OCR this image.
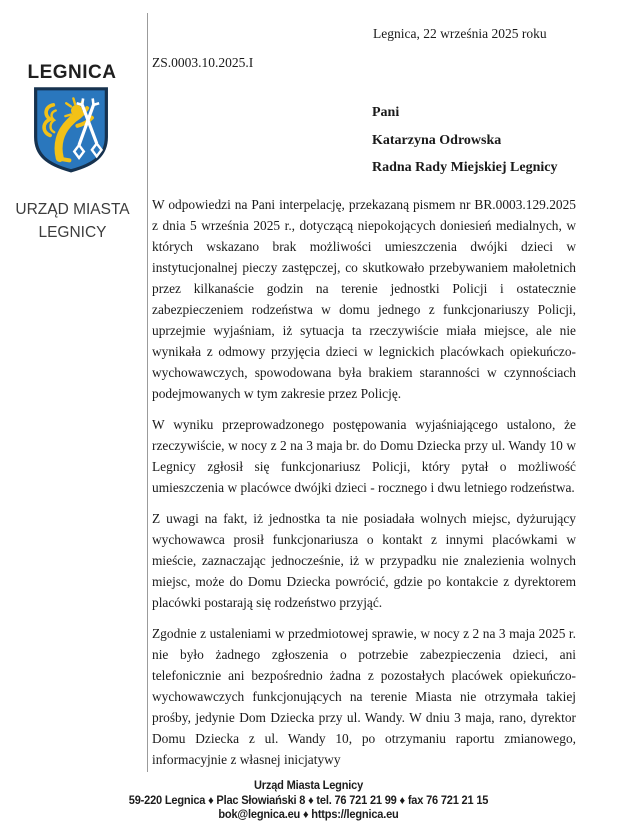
LEGNICA
URZĄD MIASTA
LEGNICY
Legnica, 22 września 2025 roku
ZS.0003.10.2025.I
Pani
Katarzyna Odrowska
Radna Rady Miejskiej Legnicy

W odpowiedzi na Pani interpelację, przekazaną pismem nr BR.0003.129.2025 z dnia 5 września 2025 r., dotyczącą niepokojących doniesień medialnych, w których wskazano brak możliwości umieszczenia dwójki dzieci w instytucjonalnej pieczy zastępczej, co skutkowało przebywaniem małoletnich przez kilkanaście godzin na terenie jednostki Policji i ostatecznie zabezpieczeniem rodzeństwa w domu jednego z funkcjonariuszy Policji, uprzejmie wyjaśniam, iż sytuacja ta rzeczywiście miała miejsce, ale nie wynikała z odmowy przyjęcia dzieci w legnickich placówkach opiekuńczo-wychowawczych, spowodowana była brakiem staranności w czynnościach podejmowanych w tym zakresie przez Policję.

W wyniku przeprowadzonego postępowania wyjaśniającego ustalono, że rzeczywiście, w nocy z 2 na 3 maja br. do Domu Dziecka przy ul. Wandy 10 w Legnicy zgłosił się funkcjonariusz Policji, który pytał o możliwość umieszczenia w placówce dwójki dzieci - rocznego i dwu letniego rodzeństwa.

Z uwagi na fakt, iż jednostka ta nie posiadała wolnych miejsc, dyżurujący wychowawca prosił funkcjonariusza o kontakt z innymi placówkami w mieście, zaznaczając jednocześnie, iż w przypadku nie znalezienia wolnych miejsc, może do Domu Dziecka powrócić, gdzie po kontakcie z dyrektorem placówki postarają się rodzeństwo przyjąć.

Zgodnie z ustaleniami w przedmiotowej sprawie, w nocy z 2 na 3 maja 2025 r. nie było żadnego zgłoszenia o potrzebie zabezpieczenia dzieci, ani telefonicznie ani bezpośrednio żadna z pozostałych placówek opiekuńczo- wychowawczych funkcjonujących na terenie Miasta nie otrzymała takiej prośby, jedynie Dom Dziecka przy ul. Wandy. W dniu 3 maja, rano, dyrektor Domu Dziecka z ul. Wandy 10, po otrzymaniu raportu zmianowego, informacyjnie z własnej inicjatywy

Urząd Miasta Legnicy
59-220 Legnica ♦ Plac Słowiański 8 ♦ tel. 76 721 21 99 ♦ fax 76 721 21 15
bok@legnica.eu ♦ https://legnica.eu
